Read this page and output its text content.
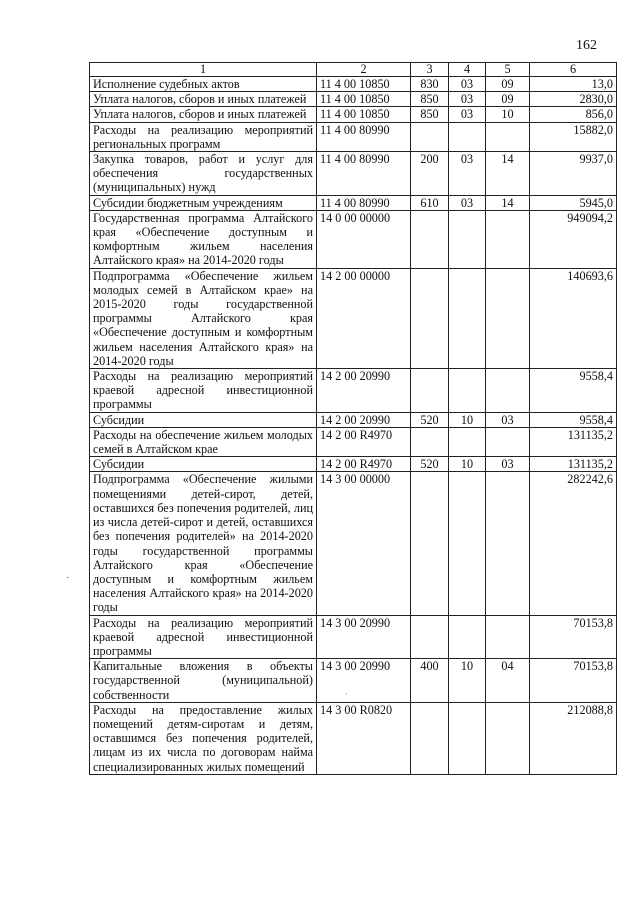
162
·
·
1	2	3	4	5	6
Исполнение судебных актов	11 4 00 10850	830	03	09	13,0
Уплата налогов, сборов и иных платежей	11 4 00 10850	850	03	09	2830,0
Уплата налогов, сборов и иных платежей	11 4 00 10850	850	03	10	856,0
Расходы на реализацию мероприятий региональных программ	11 4 00 80990				15882,0
Закупка товаров, работ и услуг для обеспечения государственных (муниципальных) нужд	11 4 00 80990	200	03	14	9937,0
Субсидии бюджетным учреждениям	11 4 00 80990	610	03	14	5945,0
Государственная программа Алтайского края «Обеспечение доступным и комфортным жильем населения Алтайского края» на 2014-2020 годы	14 0 00 00000				949094,2
Подпрограмма «Обеспечение жильем молодых семей в Алтайском крае» на 2015-2020 годы государственной программы Алтайского края «Обеспечение доступным и комфортным жильем населения Алтайского края» на 2014-2020 годы	14 2 00 00000				140693,6
Расходы на реализацию мероприятий краевой адресной инвестиционной программы	14 2 00 20990				9558,4
Субсидии	14 2 00 20990	520	10	03	9558,4
Расходы на обеспечение жильем молодых семей в Алтайском крае	14 2 00 R4970				131135,2
Субсидии	14 2 00 R4970	520	10	03	131135,2
Подпрограмма «Обеспечение жилыми помещениями детей-сирот, детей, оставшихся без попечения родителей, лиц из числа детей-сирот и детей, оставшихся без попечения родителей» на 2014-2020 годы государственной программы Алтайского края «Обеспечение доступным и комфортным жильем населения Алтайского края» на 2014-2020 годы	14 3 00 00000				282242,6
Расходы на реализацию мероприятий краевой адресной инвестиционной программы	14 3 00 20990				70153,8
Капитальные вложения в объекты государственной (муниципальной) собственности	14 3 00 20990	400	10	04	70153,8
Расходы на предоставление жилых помещений детям-сиротам и детям, оставшимся без попечения родителей, лицам из их числа по договорам найма специализированных жилых помещений	14 3 00 R0820				212088,8
